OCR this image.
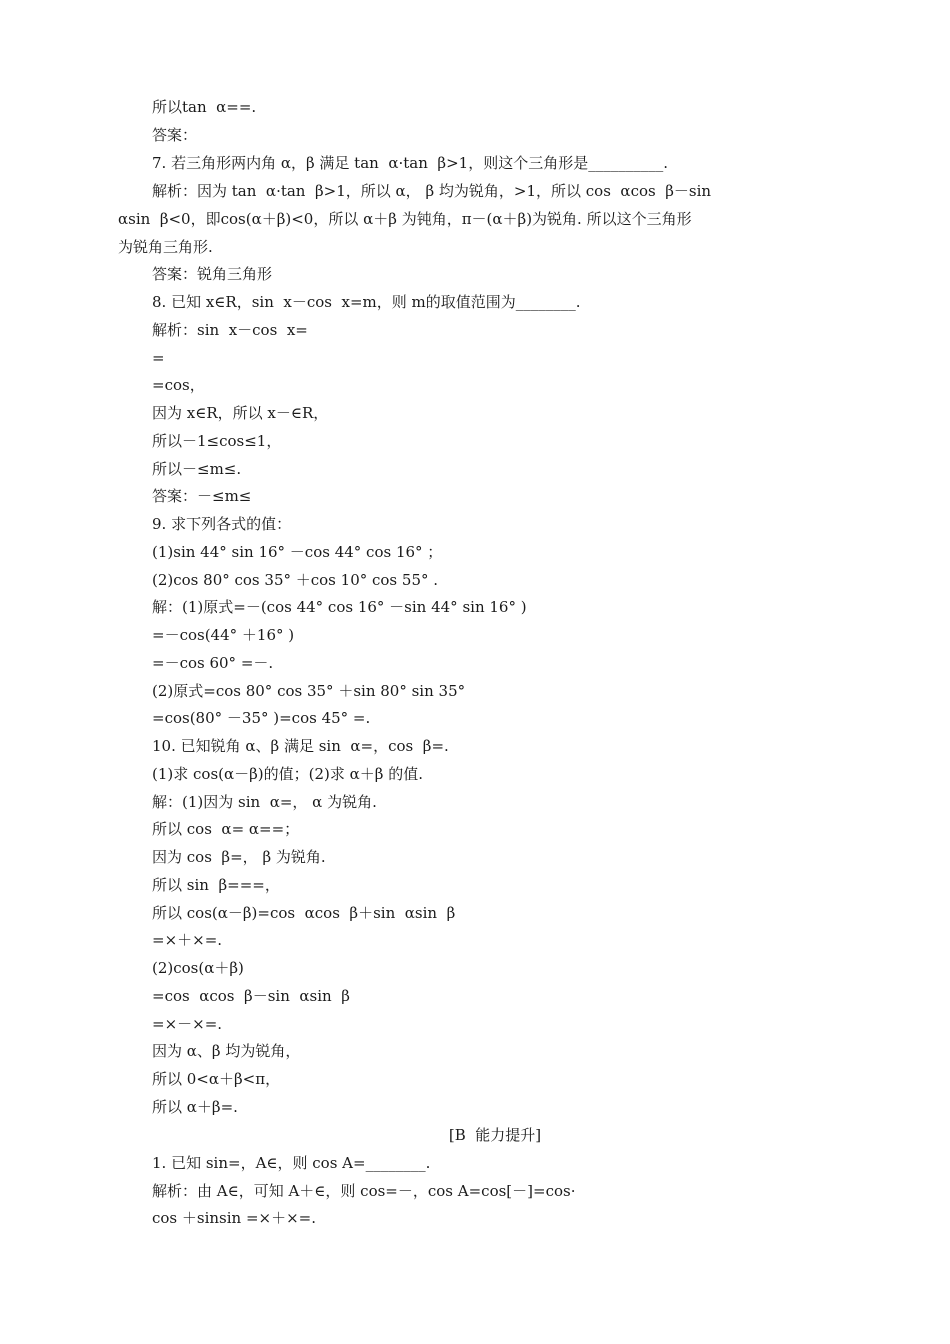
所以tan  α==.
答案：
7. 若三角形两内角 α，β 满足 tan  α·tan  β>1，则这个三角形是__________.
解析：因为 tan  α·tan  β>1，所以 α， β 均为锐角，>1，所以 cos  αcos  β－sin
αsin  β<0，即cos(α＋β)<0，所以 α＋β 为钝角，π－(α＋β)为锐角. 所以这个三角形
为锐角三角形.
答案：锐角三角形
8. 已知 x∈R，sin  x－cos  x=m，则 m的取值范围为________.
解析：sin  x－cos  x=
=
=cos，
因为 x∈R，所以 x－∈R，
所以－1≤cos≤1，
所以－≤m≤.
答案：－≤m≤
9. 求下列各式的值：
(1)sin 44° sin 16° －cos 44° cos 16° ；
(2)cos 80° cos 35° ＋cos 10° cos 55° .
解：(1)原式=－(cos 44° cos 16° －sin 44° sin 16° )
=－cos(44° ＋16° )
=－cos 60° =－.
(2)原式=cos 80° cos 35° ＋sin 80° sin 35°
=cos(80° －35° )=cos 45° =.
10. 已知锐角 α、β 满足 sin  α=，cos  β=.
(1)求 cos(α－β)的值；(2)求 α＋β 的值.
解：(1)因为 sin  α=， α 为锐角.
所以 cos  α= α==；
因为 cos  β=， β 为锐角.
所以 sin  β===，
所以 cos(α－β)=cos  αcos  β＋sin  αsin  β
=×＋×=.
(2)cos(α＋β)
=cos  αcos  β－sin  αsin  β
=×－×=.
因为 α、β 均为锐角，
所以 0<α＋β<π，
所以 α＋β=.
[B  能力提升]
1. 已知 sin=，A∈，则 cos A=________.
解析：由 A∈，可知 A＋∈，则 cos=－，cos A=cos[－]=cos·
cos ＋sinsin =×＋×=.
